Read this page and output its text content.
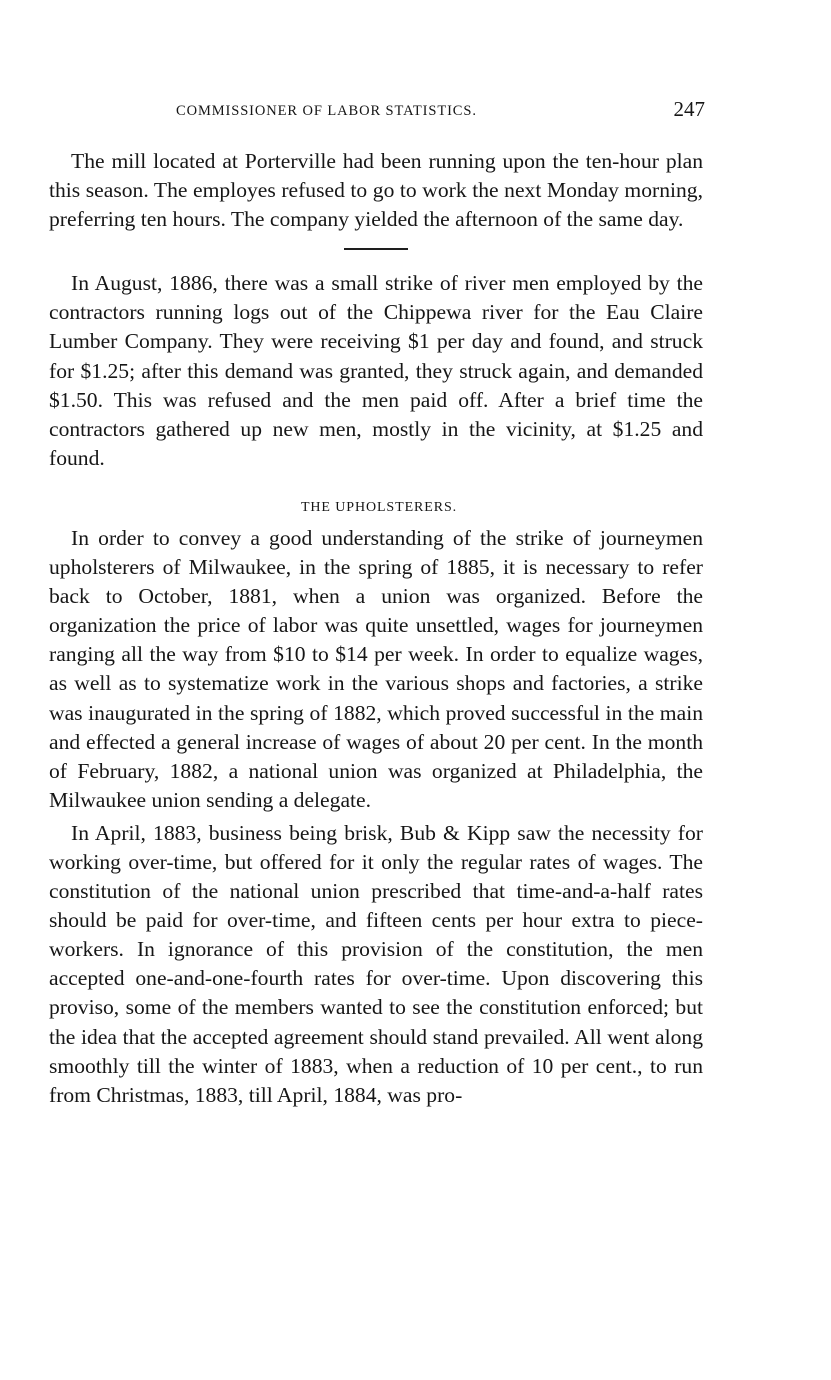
COMMISSIONER OF LABOR STATISTICS.	247

The mill located at Porterville had been running upon the ten-hour plan this season. The employes refused to go to work the next Monday morning, preferring ten hours. The company yielded the afternoon of the same day.

In August, 1886, there was a small strike of river men employed by the contractors running logs out of the Chippewa river for the Eau Claire Lumber Company. They were receiving $1 per day and found, and struck for $1.25; after this demand was granted, they struck again, and demanded $1.50. This was refused and the men paid off. After a brief time the contractors gathered up new men, mostly in the vicinity, at $1.25 and found.

THE UPHOLSTERERS.

In order to convey a good understanding of the strike of journeymen upholsterers of Milwaukee, in the spring of 1885, it is necessary to refer back to October, 1881, when a union was organized. Before the organization the price of labor was quite unsettled, wages for journeymen ranging all the way from $10 to $14 per week. In order to equalize wages, as well as to systematize work in the various shops and factories, a strike was inaugurated in the spring of 1882, which proved successful in the main and effected a general increase of wages of about 20 per cent. In the month of February, 1882, a national union was organized at Philadelphia, the Milwaukee union sending a delegate.

In April, 1883, business being brisk, Bub & Kipp saw the necessity for working over-time, but offered for it only the regular rates of wages. The constitution of the national union prescribed that time-and-a-half rates should be paid for over-time, and fifteen cents per hour extra to pieceworkers. In ignorance of this provision of the constitution, the men accepted one-and-one-fourth rates for over-time. Upon discovering this proviso, some of the members wanted to see the constitution enforced; but the idea that the accepted agreement should stand prevailed. All went along smoothly till the winter of 1883, when a reduction of 10 per cent., to run from Christmas, 1883, till April, 1884, was pro-
